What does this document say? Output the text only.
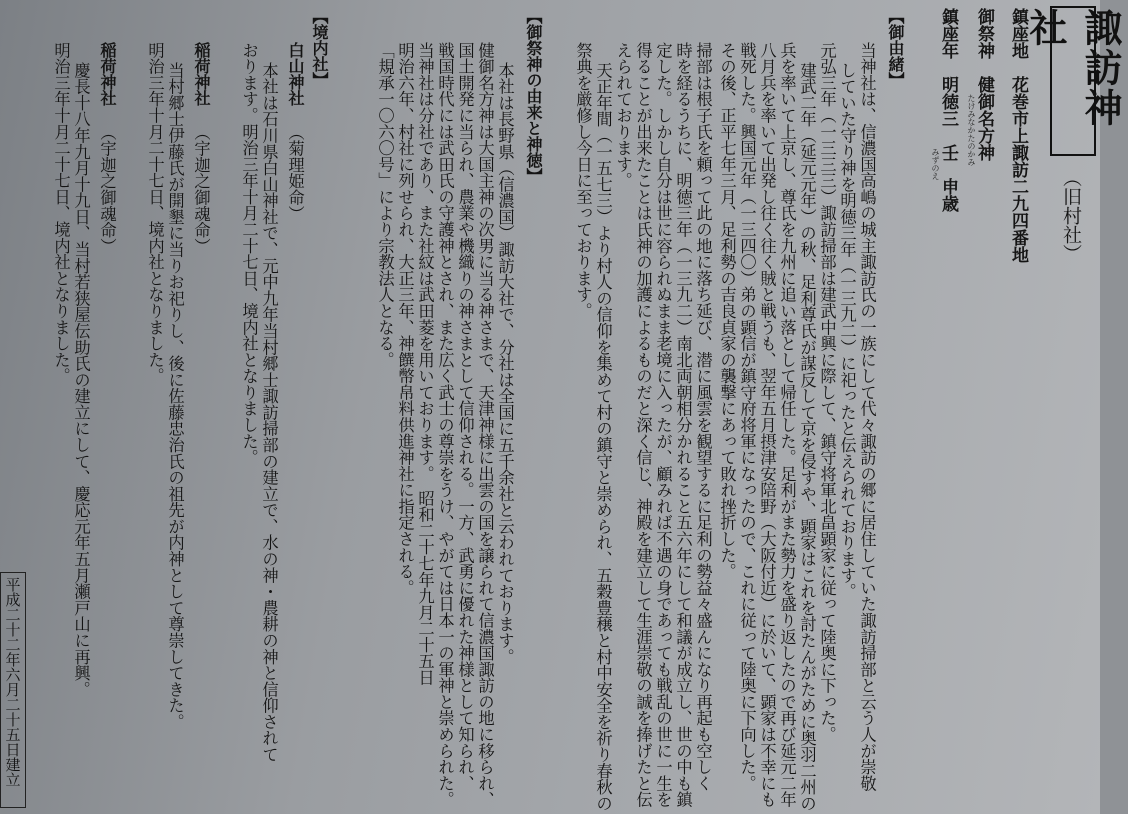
諏訪神社
（旧村社）
鎮座地　花巻市上諏訪二九四番地
御祭神　健御名方神
たけみなかたのかみ
鎮座年　明徳三　壬　申歳
みずのえ
【御由緒】
当神社は、信濃国高嶋の城主諏訪氏の一族にして代々諏訪の郷に居住していた諏訪掃部と云う人が崇敬
していた守り神を明徳三年（一三九二）に祀ったと伝えられております。
元弘三年（一三三三）諏訪掃部は建武中興に際して、鎮守将軍北畠顕家に従って陸奥に下った。
建武二年（延元元年）の秋、足利尊氏が謀反して京を侵すや、顕家はこれを討たんがために奥羽二州の
兵を率いて上京し、尊氏を九州に追い落として帰任した。足利がまた勢力を盛り返したので再び延元二年
八月兵を率いて出発し往く往く賊と戦うも、翌年五月摂津安陪野（大阪付近）に於いて、顕家は不幸にも
戦死した。興国元年（一三四〇）弟の顕信が鎮守府将軍になったので、これに従って陸奥に下向した。
その後、正平七年三月、足利勢の吉良貞家の襲撃にあって敗れ挫折した。
掃部は根子氏を頼って此の地に落ち延び、潜に風雲を観望するに足利の勢益々盛んになり再起も空しく
時を経るうちに、明徳三年（一三九二）南北両朝相分かれること五六年にして和議が成立し、世の中も鎮
定した。しかし自分は世に容られぬまま老境に入ったが、顧みれば不遇の身であっても戦乱の世に一生を
得ることが出来たことは氏神の加護によるものだと深く信じ、神殿を建立して生涯崇敬の誠を捧げたと伝
えられております。
天正年間（一五七三）より村人の信仰を集めて村の鎮守と崇められ、五穀豊穣と村中安全を祈り春秋の
祭典を厳修し今日に至っております。
【御祭神の由来と神徳】
本社は長野県（信濃国）諏訪大社で、分社は全国に五千余社と云われております。
健御名方神は大国主神の次男に当る神さまで、天津神様に出雲の国を譲られて信濃国諏訪の地に移られ、
国土開発に当られ、農業や機織りの神さまとして信仰される。一方、武勇に優れた神様として知られ、
戦国時代には武田氏の守護神とされ、また広く武士の尊崇をうけ、やがては日本一の軍神と崇められた。
当神社は分社であり、また社紋は武田菱を用いております。　昭和二十七年九月二十五日
明治六年、村社に列せられ、大正三年、神饌幣帛料供進神社に指定される。
「規承一〇六〇号」により宗教法人となる。
【境内社】
白山神社
（菊理姫命）
本社は石川県白山神社で、元中九年当村郷士諏訪掃部の建立で、水の神・農耕の神と信仰されて
おります。明治三年十月二十七日、境内社となりました。
稲荷神社
（宇迦之御魂命）
当村郷士伊藤氏が開墾に当りお祀りし、後に佐藤忠治氏の祖先が内神として尊崇してきた。
明治三年十月二十七日、境内社となりました。
稲荷神社
（宇迦之御魂命）
慶長十八年九月十九日、当村若狭屋伝助氏の建立にして、慶応元年五月瀬戸山に再興。
明治三年十月二十七日、境内社となりました。
平成二十二年六月二十五日建立
